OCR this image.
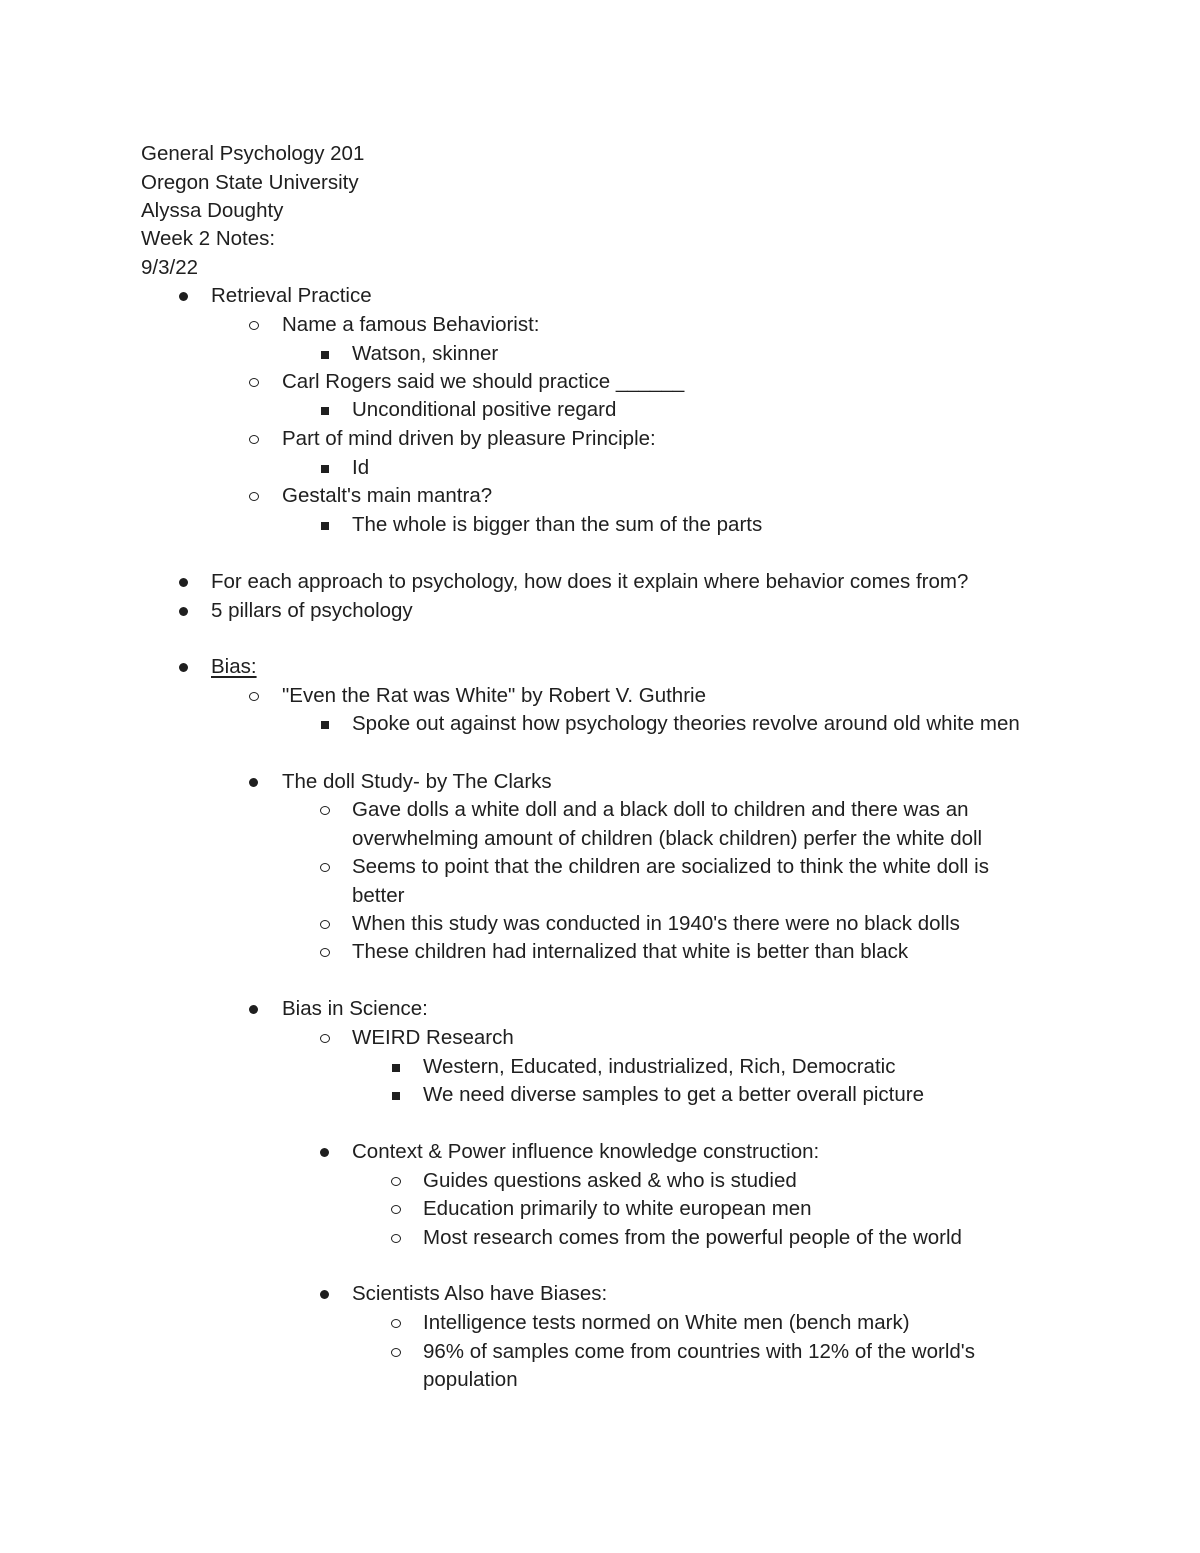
General Psychology 201
Oregon State University
Alyssa Doughty
Week 2 Notes:
9/3/22
Retrieval Practice
Name a famous Behaviorist:
Watson, skinner
Carl Rogers said we should practice ______
Unconditional positive regard
Part of mind driven by pleasure Principle:
Id
Gestalt's main mantra?
The whole is bigger than the sum of the parts
For each approach to psychology, how does it explain where behavior comes from?
5 pillars of psychology
Bias:
"Even the Rat was White" by Robert V. Guthrie
Spoke out against how psychology theories revolve around old white men
The doll Study- by The Clarks
Gave dolls a white doll and a black doll to children and there was an
overwhelming amount of children (black children) perfer the white doll
Seems to point that the children are socialized to think the white doll is
better
When this study was conducted in 1940's there were no black dolls
These children had internalized that white is better than black
Bias in Science:
WEIRD Research
Western, Educated, industrialized, Rich, Democratic
We need diverse samples to get a better overall picture
Context & Power influence knowledge construction:
Guides questions asked & who is studied
Education primarily to white european men
Most research comes from the powerful people of the world
Scientists Also have Biases:
Intelligence tests normed on White men (bench mark)
96% of samples come from countries with 12% of the world's
population
